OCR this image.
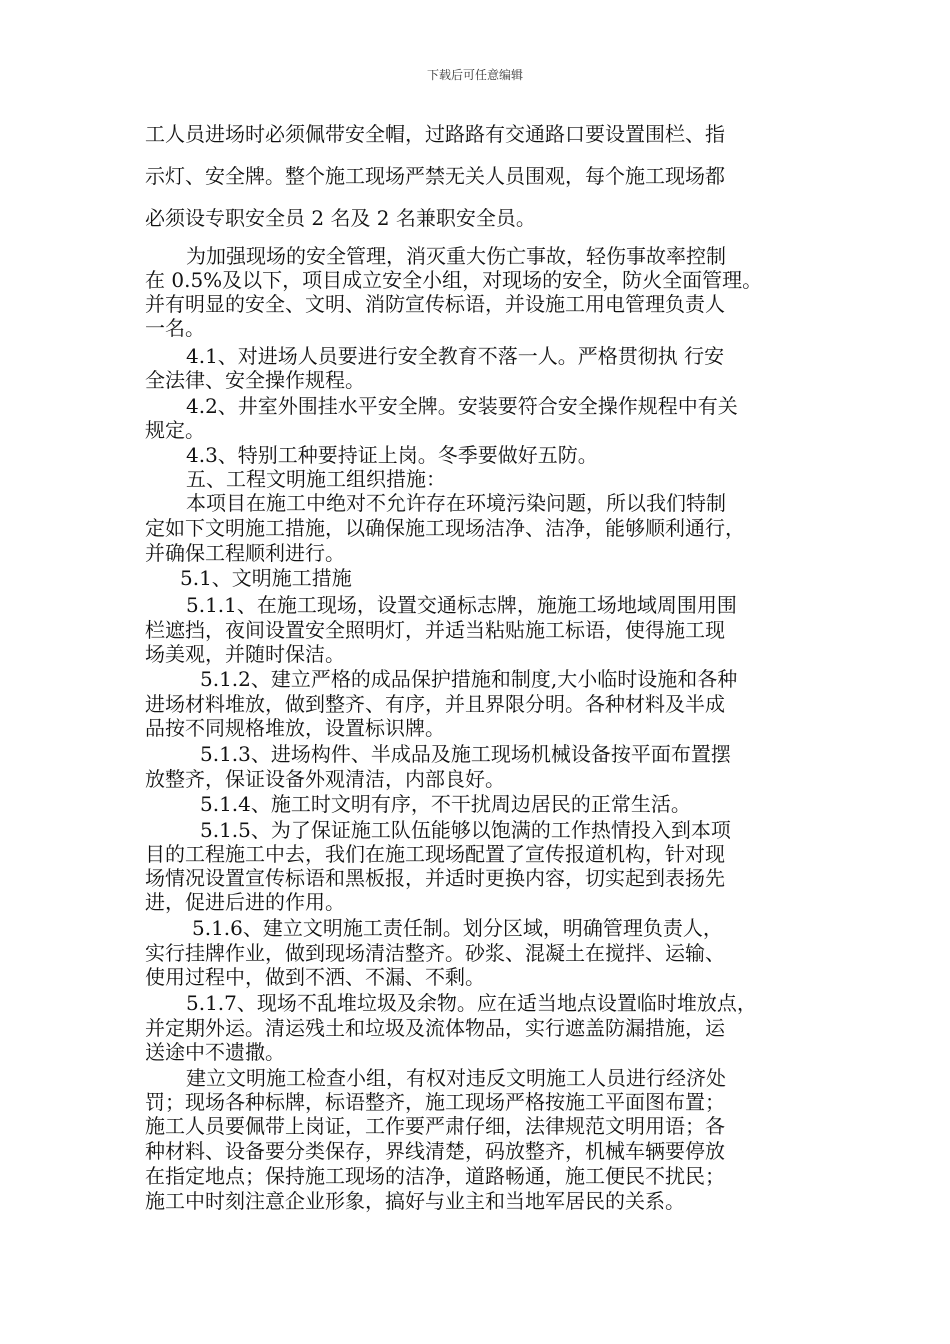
下载后可任意编辑
工人员进场时必须佩带安全帽，过路路有交通路口要设置围栏、指
示灯、安全牌。整个施工现场严禁无关人员围观，每个施工现场都
必须设专职安全员 2 名及 2 名兼职安全员。
为加强现场的安全管理，消灭重大伤亡事故，轻伤事故率控制
在 0.5%及以下，项目成立安全小组，对现场的安全，防火全面管理。
并有明显的安全、文明、消防宣传标语，并设施工用电管理负责人
一名。
4.1、对进场人员要进行安全教育不落一人。严格贯彻执 行安
全法律、安全操作规程。
4.2、井室外围挂水平安全牌。安装要符合安全操作规程中有关
规定。
4.3、特别工种要持证上岗。冬季要做好五防。
五、工程文明施工组织措施：
本项目在施工中绝对不允许存在环境污染问题，所以我们特制
定如下文明施工措施，以确保施工现场洁净、洁净，能够顺利通行，
并确保工程顺利进行。
5.1、文明施工措施
5.1.1、在施工现场，设置交通标志牌，施施工场地域周围用围
栏遮挡，夜间设置安全照明灯，并适当粘贴施工标语，使得施工现
场美观，并随时保洁。
5.1.2、建立严格的成品保护措施和制度,大小临时设施和各种
进场材料堆放，做到整齐、有序，并且界限分明。各种材料及半成
品按不同规格堆放，设置标识牌。
5.1.3、进场构件、半成品及施工现场机械设备按平面布置摆
放整齐，保证设备外观清洁，内部良好。
5.1.4、施工时文明有序，不干扰周边居民的正常生活。
5.1.5、为了保证施工队伍能够以饱满的工作热情投入到本项
目的工程施工中去，我们在施工现场配置了宣传报道机构，针对现
场情况设置宣传标语和黑板报，并适时更换内容，切实起到表扬先
进，促进后进的作用。
5.1.6、建立文明施工责任制。划分区域，明确管理负责人，
实行挂牌作业，做到现场清洁整齐。砂浆、混凝土在搅拌、运输、
使用过程中，做到不洒、不漏、不剩。
5.1.7、现场不乱堆垃圾及余物。应在适当地点设置临时堆放点，
并定期外运。清运残土和垃圾及流体物品，实行遮盖防漏措施，运
送途中不遗撒。
建立文明施工检查小组，有权对违反文明施工人员进行经济处
罚；现场各种标牌，标语整齐，施工现场严格按施工平面图布置；
施工人员要佩带上岗证，工作要严肃仔细，法律规范文明用语；各
种材料、设备要分类保存，界线清楚，码放整齐，机械车辆要停放
在指定地点；保持施工现场的洁净，道路畅通，施工便民不扰民；
施工中时刻注意企业形象，搞好与业主和当地军居民的关系。
